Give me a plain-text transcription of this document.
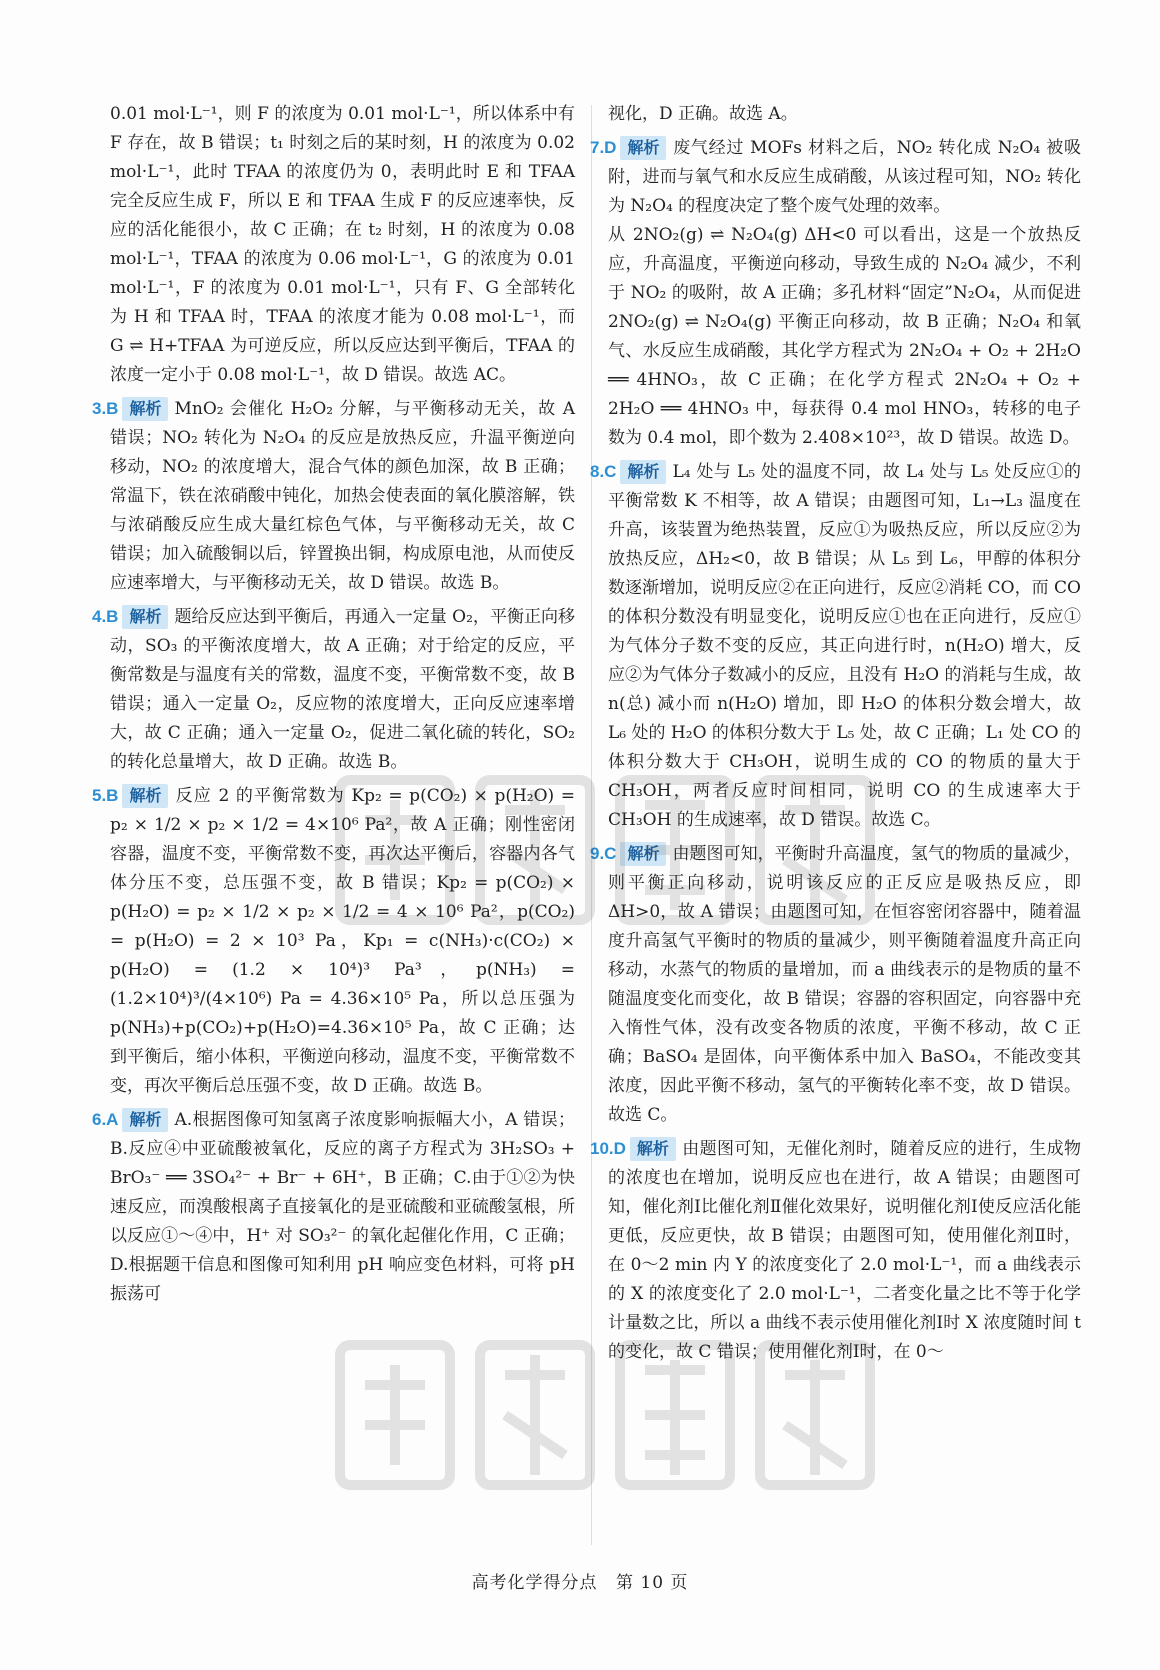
0.01 mol·L⁻¹，则 F 的浓度为 0.01 mol·L⁻¹，所以体系中有 F 存在，故 B 错误；t₁ 时刻之后的某时刻，H 的浓度为 0.02 mol·L⁻¹，此时 TFAA 的浓度仍为 0，表明此时 E 和 TFAA 完全反应生成 F，所以 E 和 TFAA 生成 F 的反应速率快，反应的活化能很小，故 C 正确；在 t₂ 时刻，H 的浓度为 0.08 mol·L⁻¹，TFAA 的浓度为 0.06 mol·L⁻¹，G 的浓度为 0.01 mol·L⁻¹，F 的浓度为 0.01 mol·L⁻¹，只有 F、G 全部转化为 H 和 TFAA 时，TFAA 的浓度才能为 0.08 mol·L⁻¹，而 G ⇌ H+TFAA 为可逆反应，所以反应达到平衡后，TFAA 的浓度一定小于 0.08 mol·L⁻¹，故 D 错误。故选 AC。

3.B 解析 MnO₂ 会催化 H₂O₂ 分解，与平衡移动无关，故 A 错误；NO₂ 转化为 N₂O₄ 的反应是放热反应，升温平衡逆向移动，NO₂ 的浓度增大，混合气体的颜色加深，故 B 正确；常温下，铁在浓硝酸中钝化，加热会使表面的氧化膜溶解，铁与浓硝酸反应生成大量红棕色气体，与平衡移动无关，故 C 错误；加入硫酸铜以后，锌置换出铜，构成原电池，从而使反应速率增大，与平衡移动无关，故 D 错误。故选 B。

4.B 解析 题给反应达到平衡后，再通入一定量 O₂，平衡正向移动，SO₃ 的平衡浓度增大，故 A 正确；对于给定的反应，平衡常数是与温度有关的常数，温度不变，平衡常数不变，故 B 错误；通入一定量 O₂，反应物的浓度增大，正向反应速率增大，故 C 正确；通入一定量 O₂，促进二氧化硫的转化，SO₂ 的转化总量增大，故 D 正确。故选 B。

5.B 解析 反应 2 的平衡常数为 Kp₂ = p(CO₂) × p(H₂O) = p₂ × 1/2 × p₂ × 1/2 = 4×10⁶ Pa²，故 A 正确；刚性密闭容器，温度不变，平衡常数不变，再次达平衡后，容器内各气体分压不变，总压强不变，故 B 错误；Kp₂ = p(CO₂) × p(H₂O) = p₂ × 1/2 × p₂ × 1/2 = 4 × 10⁶ Pa²，p(CO₂) = p(H₂O) = 2 × 10³ Pa，Kp₁ = c(NH₃)·c(CO₂) × p(H₂O) = (1.2 × 10⁴)³ Pa³，p(NH₃) = (1.2×10⁴)³/(4×10⁶) Pa = 4.36×10⁵ Pa，所以总压强为 p(NH₃)+p(CO₂)+p(H₂O)=4.36×10⁵ Pa，故 C 正确；达到平衡后，缩小体积，平衡逆向移动，温度不变，平衡常数不变，再次平衡后总压强不变，故 D 正确。故选 B。

6.A 解析 A.根据图像可知氢离子浓度影响振幅大小，A 错误；B.反应④中亚硫酸被氧化，反应的离子方程式为 3H₂SO₃ + BrO₃⁻ ══ 3SO₄²⁻ + Br⁻ + 6H⁺，B 正确；C.由于①②为快速反应，而溴酸根离子直接氧化的是亚硫酸和亚硫酸氢根，所以反应①～④中，H⁺ 对 SO₃²⁻ 的氧化起催化作用，C 正确；D.根据题干信息和图像可知利用 pH 响应变色材料，可将 pH 振荡可

视化，D 正确。故选 A。

7.D 解析 废气经过 MOFs 材料之后，NO₂ 转化成 N₂O₄ 被吸附，进而与氧气和水反应生成硝酸，从该过程可知，NO₂ 转化为 N₂O₄ 的程度决定了整个废气处理的效率。

从 2NO₂(g) ⇌ N₂O₄(g) ΔH<0 可以看出，这是一个放热反应，升高温度，平衡逆向移动，导致生成的 N₂O₄ 减少，不利于 NO₂ 的吸附，故 A 正确；多孔材料“固定”N₂O₄，从而促进 2NO₂(g) ⇌ N₂O₄(g) 平衡正向移动，故 B 正确；N₂O₄ 和氧气、水反应生成硝酸，其化学方程式为 2N₂O₄ + O₂ + 2H₂O ══ 4HNO₃，故 C 正确；在化学方程式 2N₂O₄ + O₂ + 2H₂O ══ 4HNO₃ 中，每获得 0.4 mol HNO₃，转移的电子数为 0.4 mol，即个数为 2.408×10²³，故 D 错误。故选 D。

8.C 解析 L₄ 处与 L₅ 处的温度不同，故 L₄ 处与 L₅ 处反应①的平衡常数 K 不相等，故 A 错误；由题图可知，L₁→L₃ 温度在升高，该装置为绝热装置，反应①为吸热反应，所以反应②为放热反应，ΔH₂<0，故 B 错误；从 L₅ 到 L₆，甲醇的体积分数逐渐增加，说明反应②在正向进行，反应②消耗 CO，而 CO 的体积分数没有明显变化，说明反应①也在正向进行，反应①为气体分子数不变的反应，其正向进行时，n(H₂O) 增大，反应②为气体分子数减小的反应，且没有 H₂O 的消耗与生成，故 n(总) 减小而 n(H₂O) 增加，即 H₂O 的体积分数会增大，故 L₆ 处的 H₂O 的体积分数大于 L₅ 处，故 C 正确；L₁ 处 CO 的体积分数大于 CH₃OH，说明生成的 CO 的物质的量大于 CH₃OH，两者反应时间相同，说明 CO 的生成速率大于 CH₃OH 的生成速率，故 D 错误。故选 C。

9.C 解析 由题图可知，平衡时升高温度，氢气的物质的量减少，则平衡正向移动，说明该反应的正反应是吸热反应，即 ΔH>0，故 A 错误；由题图可知，在恒容密闭容器中，随着温度升高氢气平衡时的物质的量减少，则平衡随着温度升高正向移动，水蒸气的物质的量增加，而 a 曲线表示的是物质的量不随温度变化而变化，故 B 错误；容器的容积固定，向容器中充入惰性气体，没有改变各物质的浓度，平衡不移动，故 C 正确；BaSO₄ 是固体，向平衡体系中加入 BaSO₄，不能改变其浓度，因此平衡不移动，氢气的平衡转化率不变，故 D 错误。故选 C。

10.D 解析 由题图可知，无催化剂时，随着反应的进行，生成物的浓度也在增加，说明反应也在进行，故 A 错误；由题图可知，催化剂Ⅰ比催化剂Ⅱ催化效果好，说明催化剂Ⅰ使反应活化能更低，反应更快，故 B 错误；由题图可知，使用催化剂Ⅱ时，在 0～2 min 内 Y 的浓度变化了 2.0 mol·L⁻¹，而 a 曲线表示的 X 的浓度变化了 2.0 mol·L⁻¹，二者变化量之比不等于化学计量数之比，所以 a 曲线不表示使用催化剂Ⅰ时 X 浓度随时间 t 的变化，故 C 错误；使用催化剂Ⅰ时，在 0～

高考化学得分点 第 10 页
